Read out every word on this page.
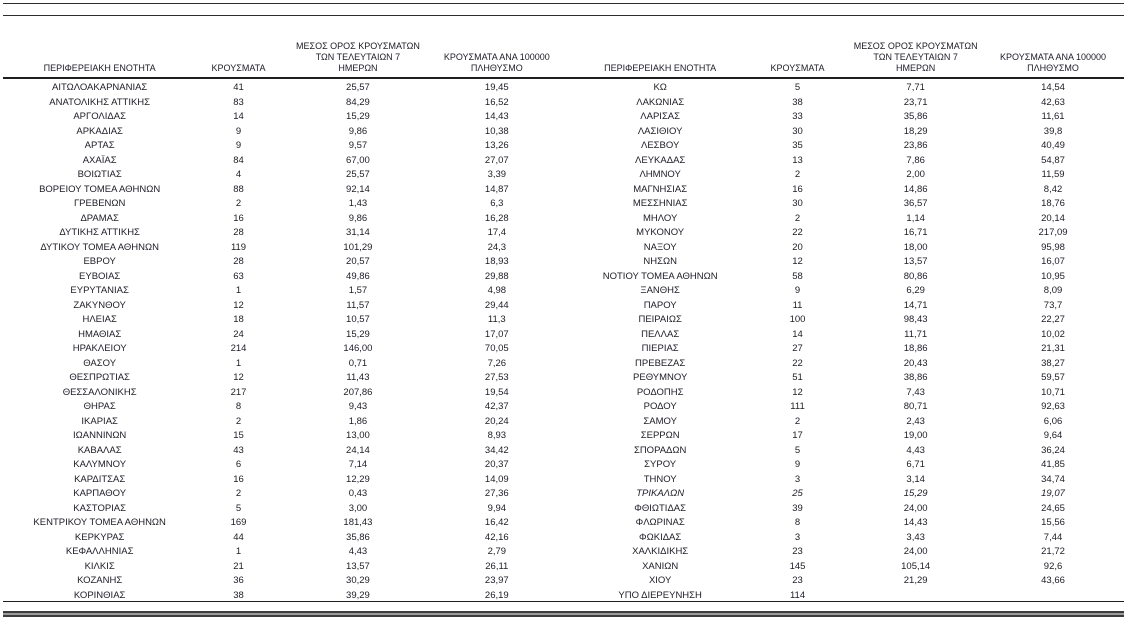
ΠΕΡΙΦΕΡΕΙΑΚΗ ΕΝΟΤΗΤΑ	ΚΡΟΥΣΜΑΤΑ
ΜΕΣΟΣ ΟΡΟΣ ΚΡΟΥΣΜΑΤΩΝ
ΤΩΝ ΤΕΛΕΥΤΑΙΩΝ 7
ΗΜΕΡΩΝ
ΚΡΟΥΣΜΑΤΑ ΑΝΑ 100000
ΠΛΗΘΥΣΜΟ
ΑΙΤΩΛΟΑΚΑΡΝΑΝΙΑΣ	41	25,57	19,45
ΑΝΑΤΟΛΙΚΗΣ ΑΤΤΙΚΗΣ	83	84,29	16,52
ΑΡΓΟΛΙΔΑΣ	14	15,29	14,43
ΑΡΚΑΔΙΑΣ	9	9,86	10,38
ΑΡΤΑΣ	9	9,57	13,26
ΑΧΑΪΑΣ	84	67,00	27,07
ΒΟΙΩΤΙΑΣ	4	25,57	3,39
ΒΟΡΕΙΟΥ ΤΟΜΕΑ ΑΘΗΝΩΝ	88	92,14	14,87
ΓΡΕΒΕΝΩΝ	2	1,43	6,3
ΔΡΑΜΑΣ	16	9,86	16,28
ΔΥΤΙΚΗΣ ΑΤΤΙΚΗΣ	28	31,14	17,4
ΔΥΤΙΚΟΥ ΤΟΜΕΑ ΑΘΗΝΩΝ	119	101,29	24,3
ΕΒΡΟΥ	28	20,57	18,93
ΕΥΒΟΙΑΣ	63	49,86	29,88
ΕΥΡΥΤΑΝΙΑΣ	1	1,57	4,98
ΖΑΚΥΝΘΟΥ	12	11,57	29,44
ΗΛΕΙΑΣ	18	10,57	11,3
ΗΜΑΘΙΑΣ	24	15,29	17,07
ΗΡΑΚΛΕΙΟΥ	214	146,00	70,05
ΘΑΣΟΥ	1	0,71	7,26
ΘΕΣΠΡΩΤΙΑΣ	12	11,43	27,53
ΘΕΣΣΑΛΟΝΙΚΗΣ	217	207,86	19,54
ΘΗΡΑΣ	8	9,43	42,37
ΙΚΑΡΙΑΣ	2	1,86	20,24
ΙΩΑΝΝΙΝΩΝ	15	13,00	8,93
ΚΑΒΑΛΑΣ	43	24,14	34,42
ΚΑΛΥΜΝΟΥ	6	7,14	20,37
ΚΑΡΔΙΤΣΑΣ	16	12,29	14,09
ΚΑΡΠΑΘΟΥ	2	0,43	27,36
ΚΑΣΤΟΡΙΑΣ	5	3,00	9,94
ΚΕΝΤΡΙΚΟΥ ΤΟΜΕΑ ΑΘΗΝΩΝ	169	181,43	16,42
ΚΕΡΚΥΡΑΣ	44	35,86	42,16
ΚΕΦΑΛΛΗΝΙΑΣ	1	4,43	2,79
ΚΙΛΚΙΣ	21	13,57	26,11
ΚΟΖΑΝΗΣ	36	30,29	23,97
ΚΟΡΙΝΘΙΑΣ	38	39,29	26,19
ΠΕΡΙΦΕΡΕΙΑΚΗ ΕΝΟΤΗΤΑ	ΚΡΟΥΣΜΑΤΑ
ΜΕΣΟΣ ΟΡΟΣ ΚΡΟΥΣΜΑΤΩΝ
ΤΩΝ ΤΕΛΕΥΤΑΙΩΝ 7
ΗΜΕΡΩΝ
ΚΡΟΥΣΜΑΤΑ ΑΝΑ 100000
ΠΛΗΘΥΣΜΟ
ΚΩ	5	7,71	14,54
ΛΑΚΩΝΙΑΣ	38	23,71	42,63
ΛΑΡΙΣΑΣ	33	35,86	11,61
ΛΑΣΙΘΙΟΥ	30	18,29	39,8
ΛΕΣΒΟΥ	35	23,86	40,49
ΛΕΥΚΑΔΑΣ	13	7,86	54,87
ΛΗΜΝΟΥ	2	2,00	11,59
ΜΑΓΝΗΣΙΑΣ	16	14,86	8,42
ΜΕΣΣΗΝΙΑΣ	30	36,57	18,76
ΜΗΛΟΥ	2	1,14	20,14
ΜΥΚΟΝΟΥ	22	16,71	217,09
ΝΑΞΟΥ	20	18,00	95,98
ΝΗΣΩΝ	12	13,57	16,07
ΝΟΤΙΟΥ ΤΟΜΕΑ ΑΘΗΝΩΝ	58	80,86	10,95
ΞΑΝΘΗΣ	9	6,29	8,09
ΠΑΡΟΥ	11	14,71	73,7
ΠΕΙΡΑΙΩΣ	100	98,43	22,27
ΠΕΛΛΑΣ	14	11,71	10,02
ΠΙΕΡΙΑΣ	27	18,86	21,31
ΠΡΕΒΕΖΑΣ	22	20,43	38,27
ΡΕΘΥΜΝΟΥ	51	38,86	59,57
ΡΟΔΟΠΗΣ	12	7,43	10,71
ΡΟΔΟΥ	111	80,71	92,63
ΣΑΜΟΥ	2	2,43	6,06
ΣΕΡΡΩΝ	17	19,00	9,64
ΣΠΟΡΑΔΩΝ	5	4,43	36,24
ΣΥΡΟΥ	9	6,71	41,85
ΤΗΝΟΥ	3	3,14	34,74
ΤΡΙΚΑΛΩΝ	25	15,29	19,07
ΦΘΙΩΤΙΔΑΣ	39	24,00	24,65
ΦΛΩΡΙΝΑΣ	8	14,43	15,56
ΦΩΚΙΔΑΣ	3	3,43	7,44
ΧΑΛΚΙΔΙΚΗΣ	23	24,00	21,72
ΧΑΝΙΩΝ	145	105,14	92,6
ΧΙΟΥ	23	21,29	43,66
ΥΠΟ ΔΙΕΡΕΥΝΗΣΗ	114
